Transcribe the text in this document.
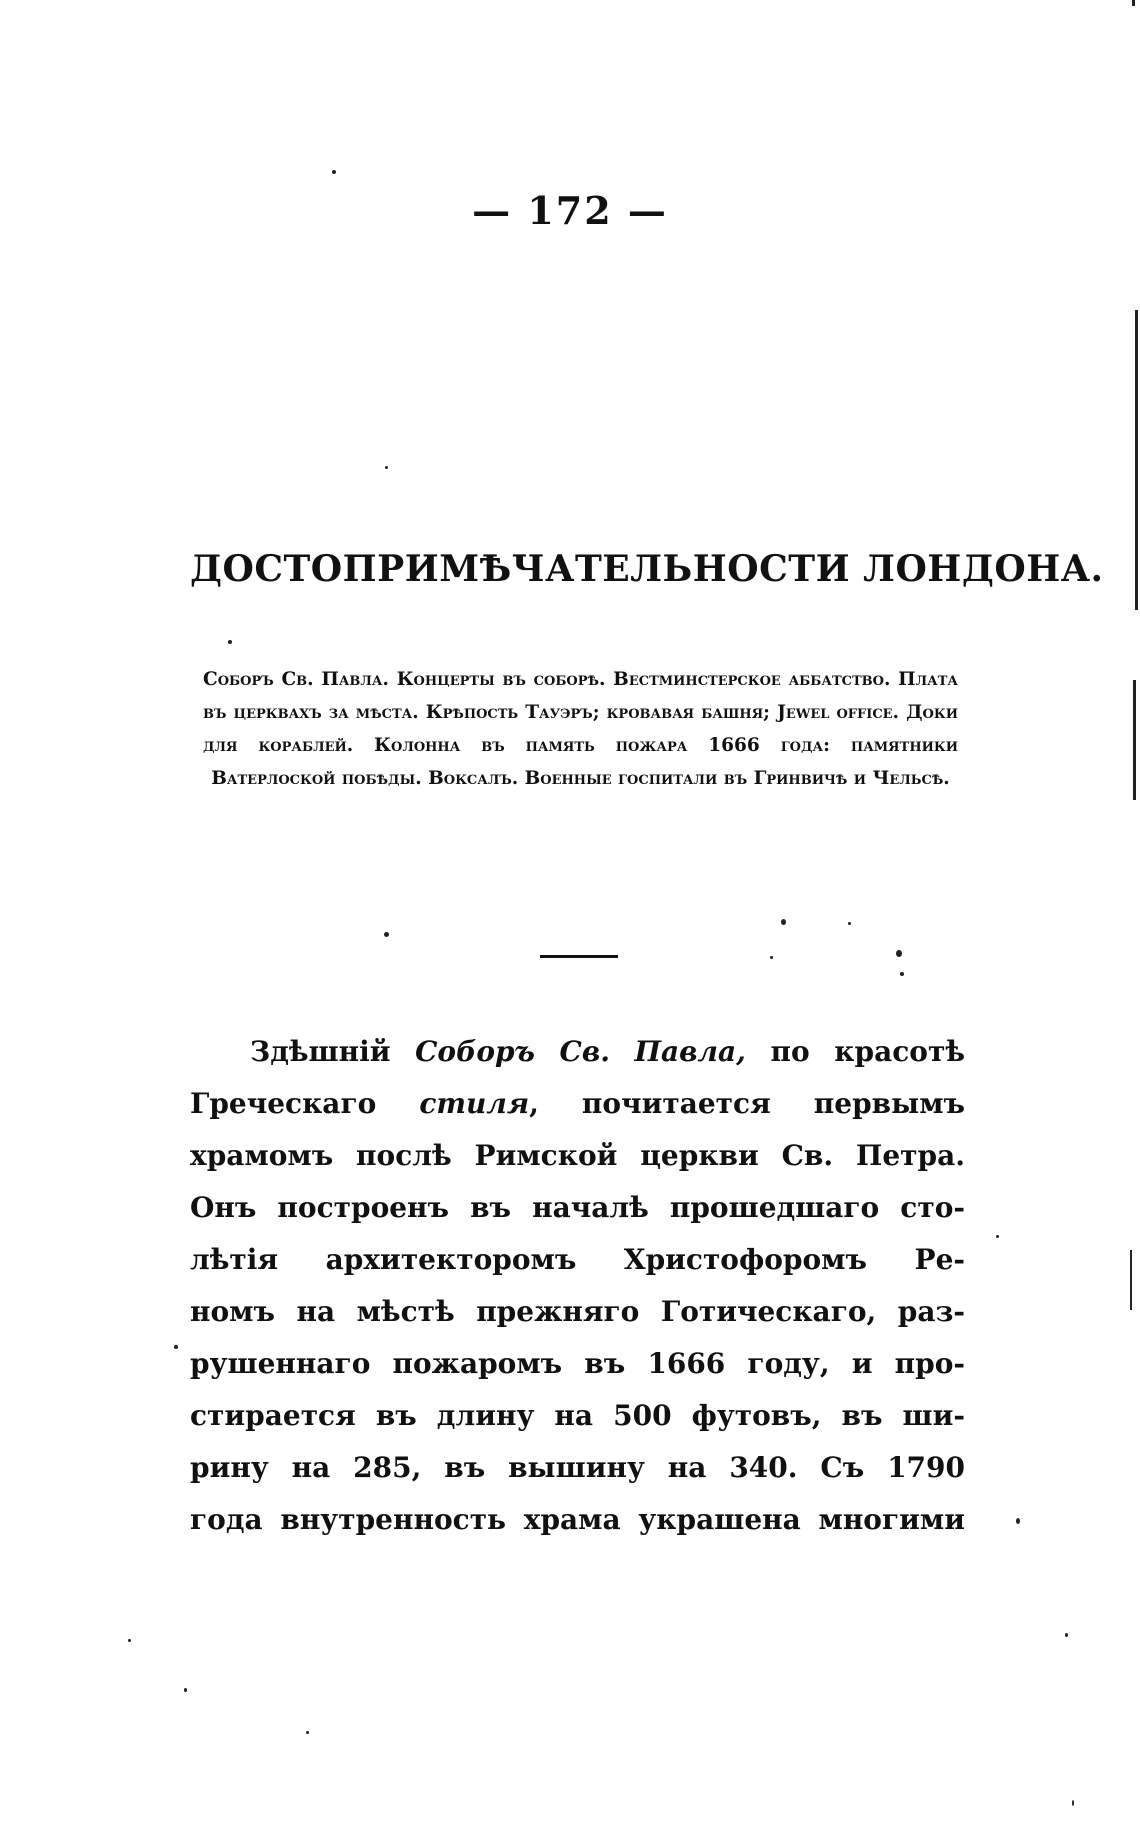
— 172 —
ДОСТОПРИМѢЧАТЕЛЬНОСТИ ЛОНДОНА.
Соборъ Св. Павла. Концерты въ соборѣ. Вестминстерское аббатство. Плата въ церквахъ за мѣста. Крѣпость Тауэръ; кровавая башня; Jewel office. Доки для кораблей. Колонна въ память пожара 1666 года: памятники Ватерлоской побѣды. Воксалъ. Военные госпитали въ Гринвичѣ и Чельсѣ.
Здѣшній Соборъ Св. Павла, по красотѣ
Греческаго стиля, почитается первымъ
храмомъ послѣ Римской церкви Св. Петра.
Онъ построенъ въ началѣ прошедшаго сто-
лѣтія архитекторомъ Христофоромъ Ре-
номъ на мѣстѣ прежняго Готическаго, раз-
рушеннаго пожаромъ въ 1666 году, и про-
стирается въ длину на 500 футовъ, въ ши-
рину на 285, въ вышину на 340. Съ 1790
года внутренность храма украшена многими
